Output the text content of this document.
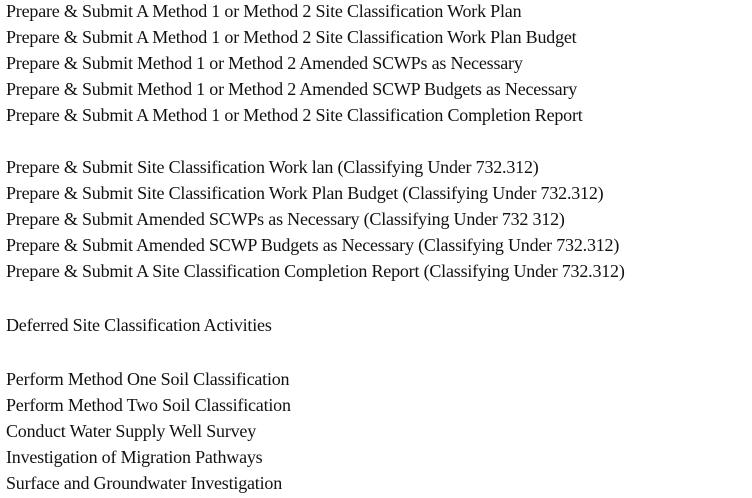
Prepare & Submit A Method 1 or Method 2 Site Classification Work Plan
Prepare & Submit A Method 1 or Method 2 Site Classification Work Plan Budget
Prepare & Submit Method 1 or Method 2 Amended SCWPs as Necessary
Prepare & Submit Method 1 or Method 2 Amended SCWP Budgets as Necessary
Prepare & Submit A Method 1 or Method 2 Site Classification Completion Report
Prepare & Submit Site Classification Work lan (Classifying Under 732.312)
Prepare & Submit Site Classification Work Plan Budget (Classifying Under 732.312)
Prepare & Submit Amended SCWPs as Necessary (Classifying Under 732 312)
Prepare & Submit Amended SCWP Budgets as Necessary (Classifying Under 732.312)
Prepare & Submit A Site Classification Completion Report (Classifying Under 732.312)
Deferred Site Classification Activities
Perform Method One Soil Classification
Perform Method Two Soil Classification
Conduct Water Supply Well Survey
Investigation of Migration Pathways
Surface and Groundwater Investigation
